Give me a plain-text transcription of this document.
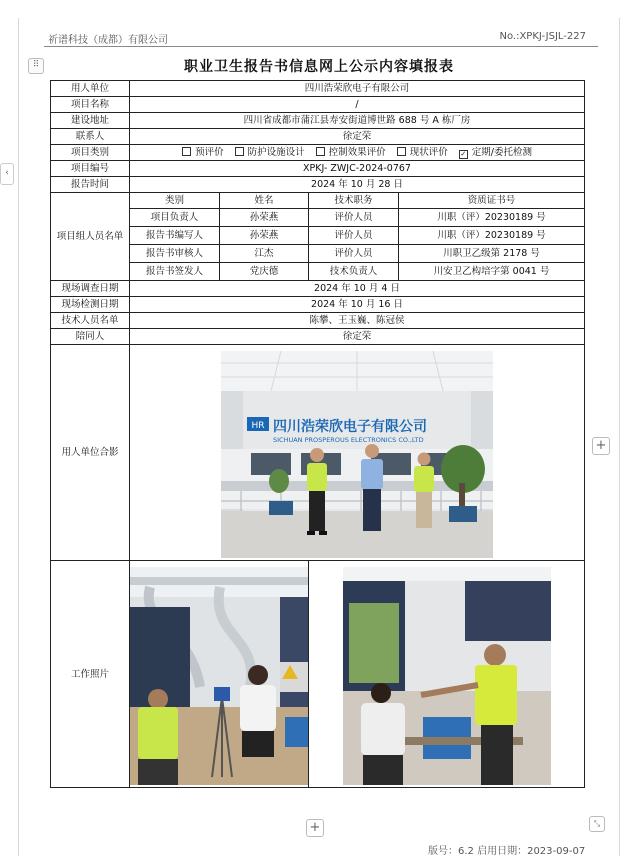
祈谱科技（成都）有限公司	No.:XPKJ-JSJL-227
⠿
‹
+
+	⤡
职业卫生报告书信息网上公示内容填报表
用人单位	四川浩荣欣电子有限公司			
项目名称	/			
建设地址	四川省成都市蒲江县寿安街道博世路 688 号 A 栋厂房			
联系人	徐定荣			
项目类别	预评价 防护设施设计 控制效果评价 现状评价 ✓ 定期/委托检测			
项目编号	XPKJ- ZWJC-2024-0767			
报告时间	2024 年 10 月 28 日			
项目组人员名单	类别	姓名	技术职务	资质证书号
	项目负责人	孙荣燕	评价人员	川职（评）20230189 号
	报告书编写人	孙荣燕	评价人员	川职（评）20230189 号
	报告书审核人	江杰	评价人员	川职卫乙级第 2178 号
	报告书签发人	党庆德	技术负责人	川安卫乙构培字第 0041 号
现场调查日期	2024 年 10 月 4 日			
现场检测日期	2024 年 10 月 16 日			
技术人员名单	陈攀、王玉巍、陈冠侯			
陪同人	徐定荣			
用人单位合影	HR 四川浩荣欣电子有限公司
SICHUAN PROSPEROUS ELECTRONICS CO.,LTD			

工作照片	

版号：6.2 启用日期：2023-09-07
